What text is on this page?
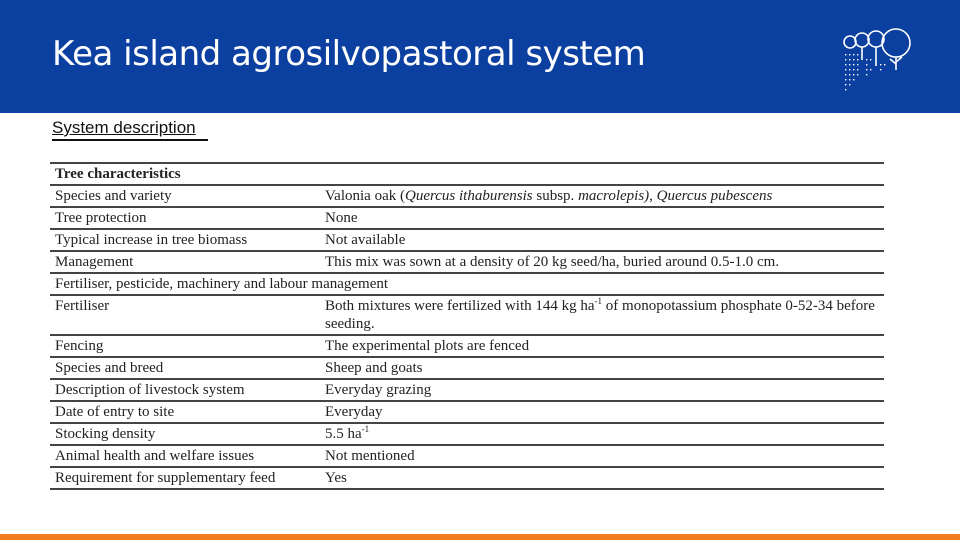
Kea island agrosilvopastoral system
System description
Tree characteristics
Species and variety	Valonia oak (Quercus ithaburensis subsp. macrolepis), Quercus pubescens
Tree protection	None
Typical increase in tree biomass	Not available
Management	This mix was sown at a density of 20 kg seed/ha, buried around 0.5-1.0 cm.
Fertiliser, pesticide, machinery and labour management
Fertiliser	Both mixtures were fertilized with 144 kg $ha^{-1}$ of monopotassium phosphate 0-52-34 before seeding.
Fencing	The experimental plots are fenced
Species and breed	Sheep and goats
Description of livestock system	Everyday grazing
Date of entry to site	Everyday
Stocking density	5.5 $ha^{-1}$
Animal health and welfare issues	Not mentioned
Requirement for supplementary feed	Yes
